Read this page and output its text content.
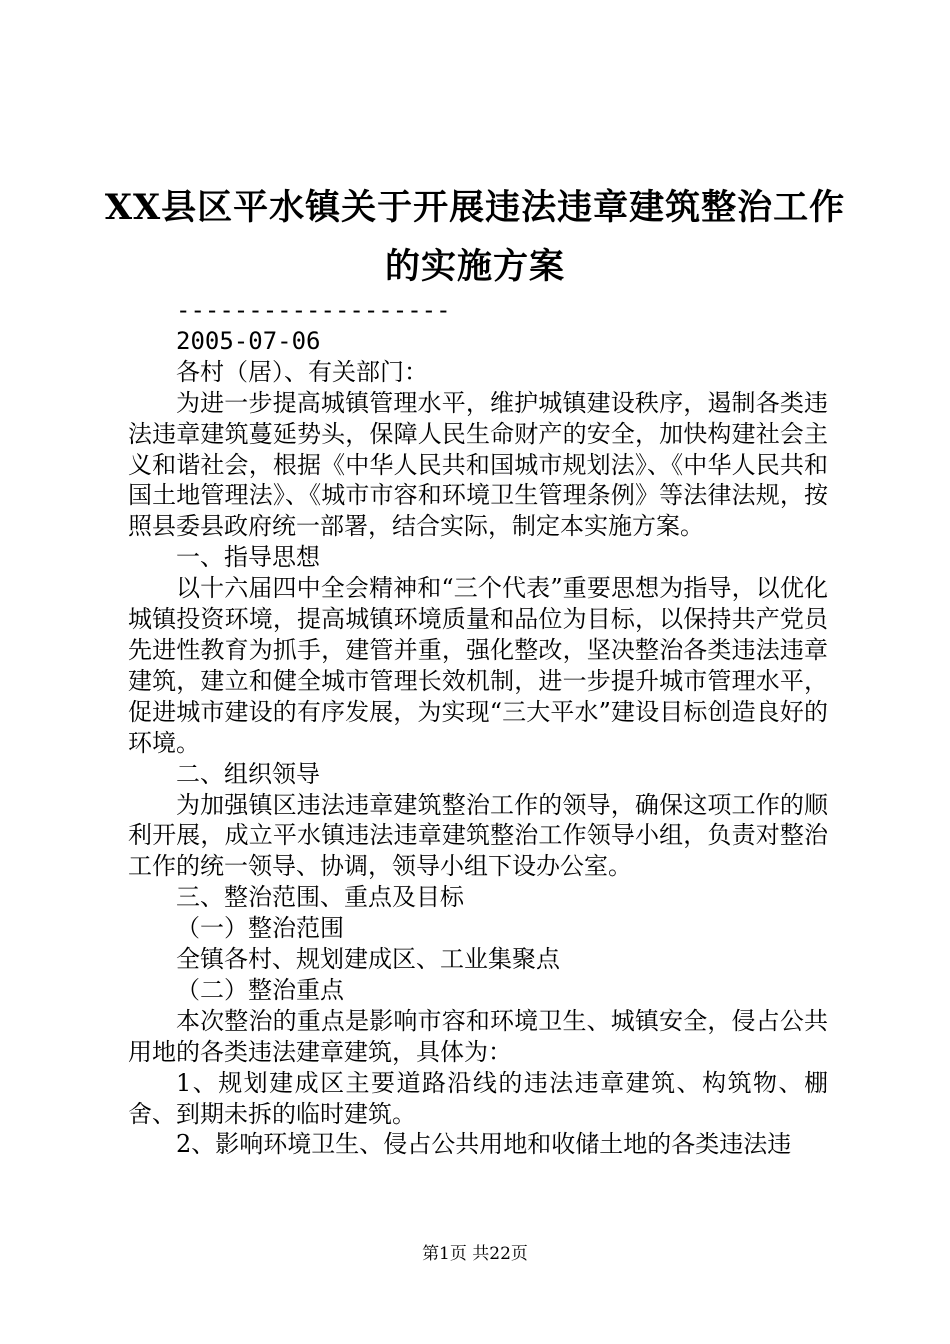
XX县区平水镇关于开展违法违章建筑整治工作的实施方案

-------------------

2005-07-06

各村（居）、有关部门：

为进一步提高城镇管理水平，维护城镇建设秩序，遏制各类违法违章建筑蔓延势头，保障人民生命财产的安全，加快构建社会主义和谐社会，根据《中华人民共和国城市规划法》、《中华人民共和国土地管理法》、《城市市容和环境卫生管理条例》等法律法规，按照县委县政府统一部署，结合实际，制定本实施方案。

一、指导思想

以十六届四中全会精神和“三个代表”重要思想为指导，以优化城镇投资环境，提高城镇环境质量和品位为目标，以保持共产党员先进性教育为抓手，建管并重，强化整改，坚决整治各类违法违章建筑，建立和健全城市管理长效机制，进一步提升城市管理水平，促进城市建设的有序发展，为实现“三大平水”建设目标创造良好的环境。

二、组织领导

为加强镇区违法违章建筑整治工作的领导，确保这项工作的顺利开展，成立平水镇违法违章建筑整治工作领导小组，负责对整治工作的统一领导、协调，领导小组下设办公室。

三、整治范围、重点及目标

（一）整治范围

全镇各村、规划建成区、工业集聚点

（二）整治重点

本次整治的重点是影响市容和环境卫生、城镇安全，侵占公共用地的各类违法建章建筑，具体为：

1、规划建成区主要道路沿线的违法违章建筑、构筑物、棚舍、到期未拆的临时建筑。

2、影响环境卫生、侵占公共用地和收储土地的各类违法违

第1页 共22页
